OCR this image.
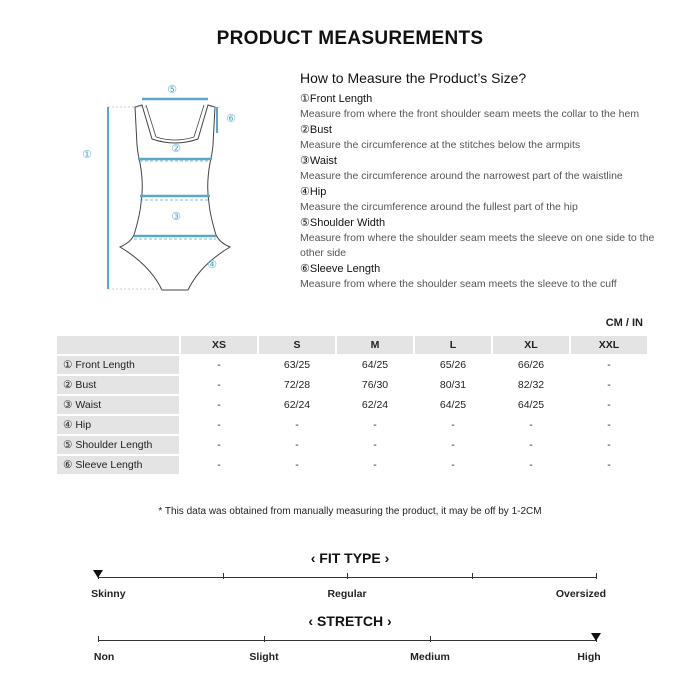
PRODUCT MEASUREMENTS
⑤
⑥
①	②
③
④
How to Measure the Product’s Size?
①Front Length
Measure from where the front shoulder seam meets the collar to the hem
②Bust
Measure the circumference at the stitches below the armpits
③Waist
Measure the circumference around the narrowest part of the waistline
④Hip
Measure the circumference around the fullest part of the hip
⑤Shoulder Width
Measure from where the shoulder seam meets the sleeve on one side to the other side
⑥Sleeve Length
Measure from where the shoulder seam meets the sleeve to the cuff
CM / IN
	XS	S	M	L	XL	XXL
① Front Length	-	63/25	64/25	65/26	66/26	-
② Bust	-	72/28	76/30	80/31	82/32	-
③ Waist	-	62/24	62/24	64/25	64/25	-
④ Hip	-	-	-	-	-	-
⑤ Shoulder Length	-	-	-	-	-	-
⑥ Sleeve Length	-	-	-	-	-	-
* This data was obtained from manually measuring the product, it may be off by 1-2CM
‹ FIT TYPE ›
Skinny	Regular	Oversized
‹ STRETCH ›
Non	Slight	Medium	High
